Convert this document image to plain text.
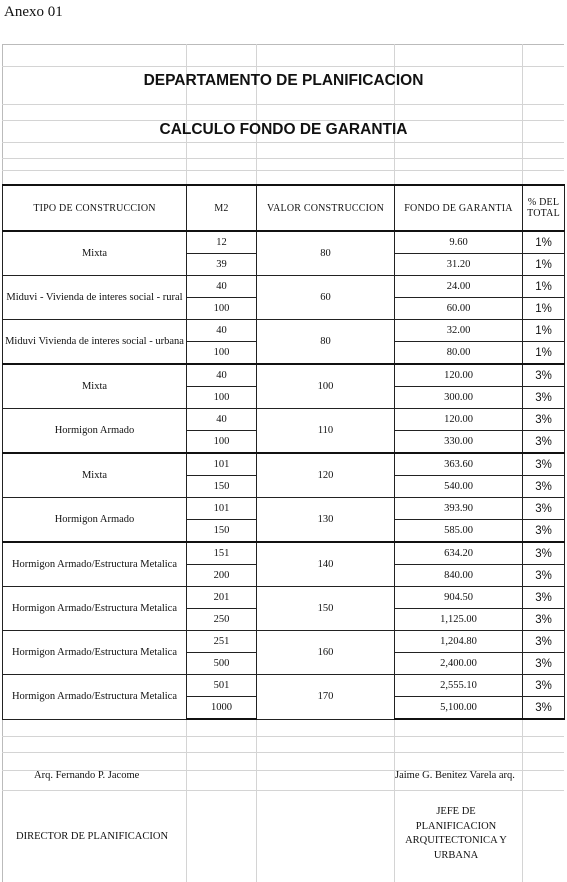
Anexo 01
DEPARTAMENTO DE PLANIFICACION
CALCULO FONDO DE GARANTIA
TIPO DE CONSTRUCCION	M2	VALOR CONSTRUCCION	FONDO DE GARANTIA	% DEL TOTAL
Mixta	12	80	9.60	1%
	39		31.20	1%
Miduvi - Vivienda de interes social - rural	40	60	24.00	1%
	100		60.00	1%
Miduvi Vivienda de interes social - urbana	40	80	32.00	1%
	100		80.00	1%
Mixta	40	100	120.00	3%
	100		300.00	3%
Hormigon Armado	40	110	120.00	3%
	100		330.00	3%
Mixta	101	120	363.60	3%
	150		540.00	3%
Hormigon Armado	101	130	393.90	3%
	150		585.00	3%
Hormigon Armado/Estructura Metalica	151	140	634.20	3%
	200		840.00	3%
Hormigon Armado/Estructura Metalica	201	150	904.50	3%
	250		1,125.00	3%
Hormigon Armado/Estructura Metalica	251	160	1,204.80	3%
	500		2,400.00	3%
Hormigon Armado/Estructura Metalica	501	170	2,555.10	3%
	1000		5,100.00	3%
Arq. Fernando P. Jacome	Jaime G. Benitez Varela arq.
DIRECTOR DE PLANIFICACION
JEFE DE
PLANIFICACION
ARQUITECTONICA Y
URBANA
